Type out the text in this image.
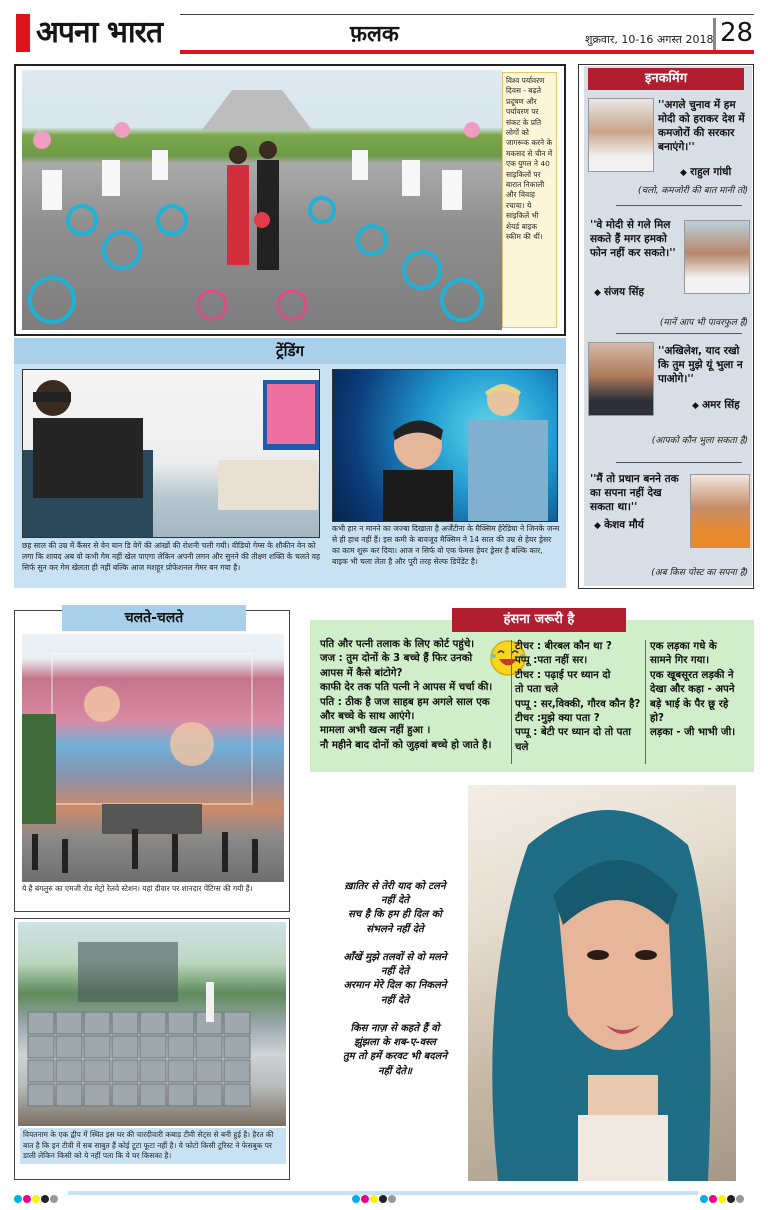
अपना भारत	फ़लक	शुक्रवार, 10-16 अगस्त 2018 28
विश्व पर्यावरण दिवस - बढ़ते प्रदूषण और पर्यावरण पर संकट के प्रति लोगों को जागरूक करने के मकसद से चीन में एक युगल ने 40 साइकिलों पर बारात निकाली और विवाह रचाया। ये साइकिलें भी शेयर्ड बाइक स्कीम की थीं।
ट्रेंडिंग
छह साल की उम्र में कैंसर से वेन यान डि वेगें की आंखों की रोशनी चली गयी। वीडियो गेम्स के शौकीन वेन को लगा कि शायद अब वो कभी गेम नहीं खेल पाएगा लेकिन अपनी लगन और सुनने की तीक्ष्ण शक्ति के चलते वह सिर्फ सुन कर गेम खेलता ही नहीं बल्कि आज मशहूर प्रोफेशनल गेमर बन गया है।
कभी हार न मानने का जज्बा दिखाता है अर्जेंटीना के मैक्सिम हेरेडिया ने जिनके जन्म से ही हाथ नहीं हैं। इस कमी के बावजूद मैक्सिम ने 14 साल की उम्र से हेयर ड्रेसर का काम शुरू कर दिया। आज न सिर्फ वो एक फेमस हेयर ड्रेसर है बल्कि कार, बाइक भी चला लेता है और पूरी तरह सेल्फ डिपेंडेंट है।
इनकमिंग
''अगले चुनाव में हम मोदी को हराकर देश में कमजोरों की सरकार बनाएंगे।''
◆ राहुल गांधी
(चलो, कमजोरी की बात मानी तो)
''वे मोदी से गले मिल सकते हैं मगर हमको फोन नहीं कर सकते।''
◆ संजय सिंह
(मानें आप भी पावरफुल हैं)
''अखिलेश, याद रखो कि तुम मुझे यूं भुला न पाओगे।''
◆ अमर सिंह
(आपको कौन भुला सकता है)
''मैं तो प्रधान बनने तक का सपना नहीं देख सकता था।''
◆ केशव मौर्य
(अब किस पोस्ट का सपना है)
चलते-चलते
ये है बंगलुरु का एमजी रोड मेट्रो रेलवे स्टेशन। यहां दीवार पर शानदार पेंटिंग्स की गयी हैं।
वियतनाम के एक द्वीप में स्थित इस घर की चारदीवारी कबाड़ टीवी सेट्स से बनी हुई है। हैरत की बात है कि इन टीवी में सब साबुत हैं कोई टूटा फूटा नहीं है। ये फोटो किसी टूरिस्ट ने फेसबुक पर डाली लेकिन किसी को ये नहीं पता कि ये घर किसका है।
हंसना जरूरी है
पति और पत्नी तलाक के लिए कोर्ट पहुंचे।
जज : तुम दोनों के 3 बच्चे हैं फिर उनको
आपस में कैसे बांटोगे?
काफी देर तक पति पत्नी ने आपस में चर्चा की।
पति : ठीक है जज साहब हम अगले साल एक
और बच्चे के साथ आएंगे।
मामला अभी खत्म नहीं हुआ ।
नौ महीने बाद दोनों को जुड़वां बच्चे हो जाते है।
टीचर : बीरबल कौन था ?
पप्पू :पता नहीं सर।
टीचर : पढ़ाई पर ध्यान दो
तो पता चले
पप्पू : सर,विक्की, गौरव कौन है?
टीचर :मुझे क्या पता ?
पप्पू : बेटी पर ध्यान दो तो पता
चले
एक लड़का गधे के
सामने गिर गया।
एक खूबसूरत लड़की ने
देखा और कहा - अपने
बड़े भाई के पैर छू रहे
हो?
लड़का - जी भाभी जी।
ख़ातिर से तेरी याद को टलने
नहीं देते
सच है कि हम ही दिल को
संभलने नहीं देते

आँखें मुझे तलवों से वो मलने
नहीं देते
अरमान मेरे दिल का निकलने
नहीं देते

किस नाज़ से कहते हैं वो
झुंझला के शब-ए-वस्ल
तुम तो हमें करवट भी बदलने
नहीं देते॥
